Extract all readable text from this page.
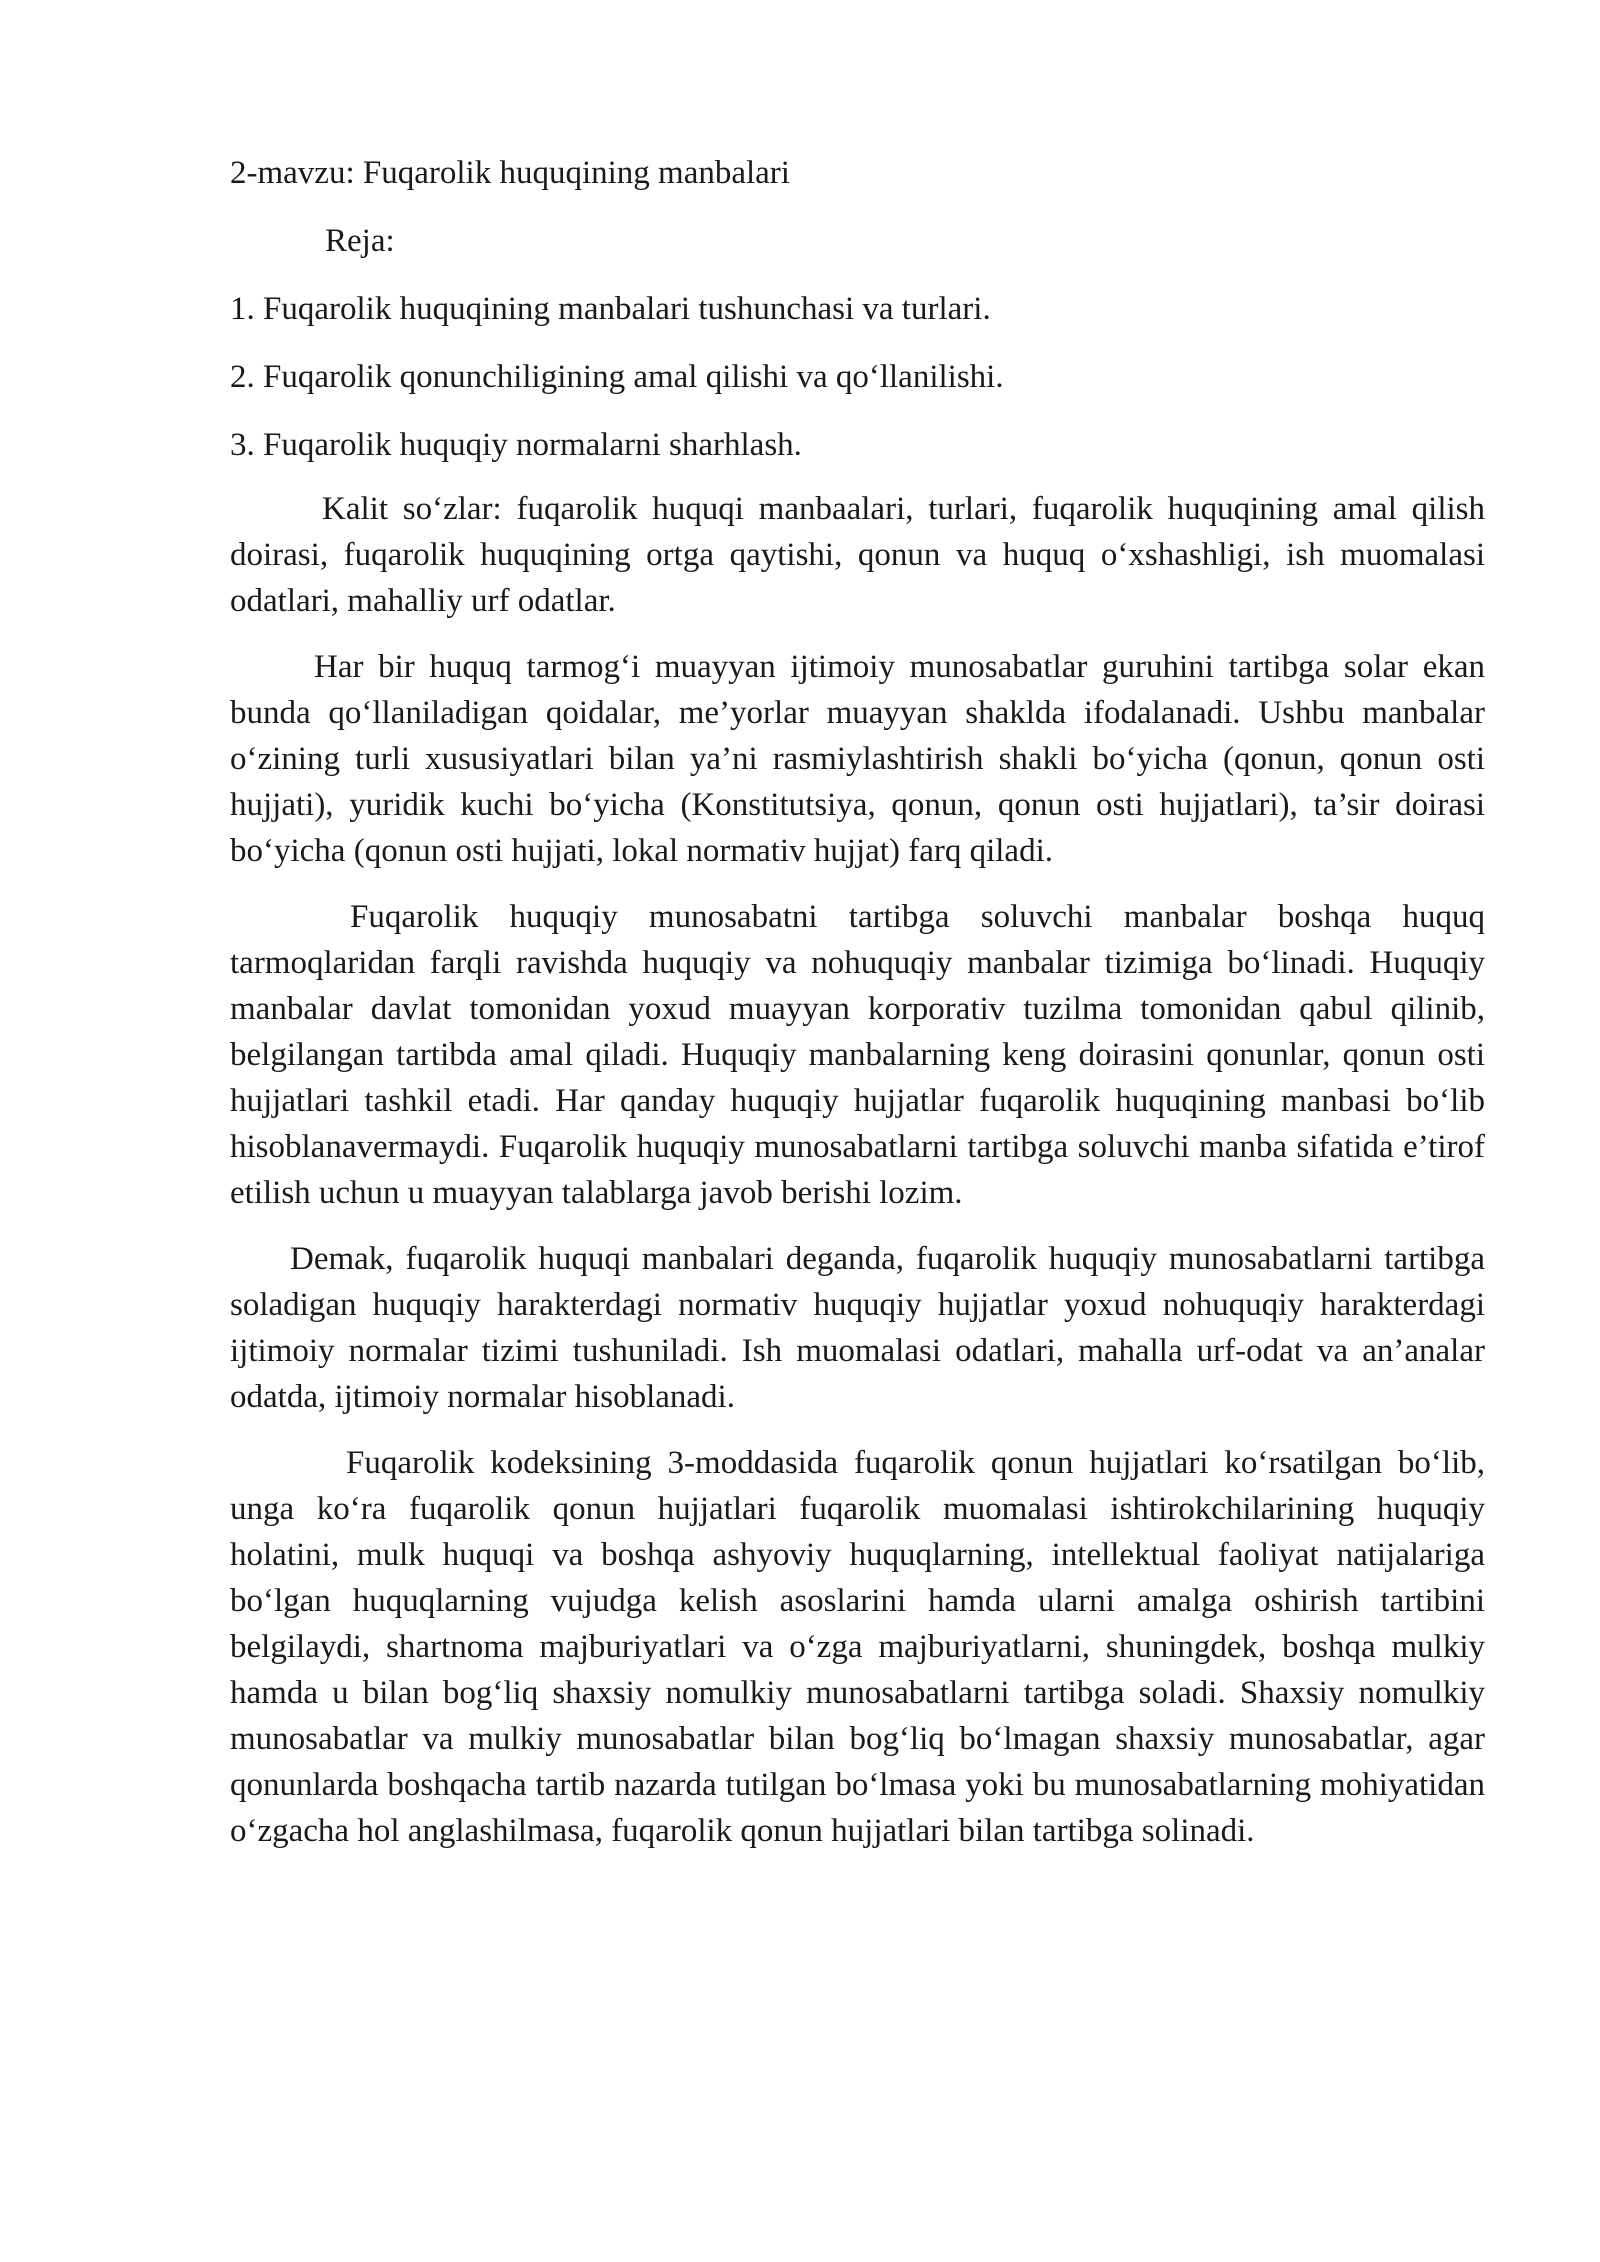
2-mavzu: Fuqarolik huquqining manbalari

Reja:

1. Fuqarolik huquqining manbalari tushunchasi va turlari.

2. Fuqarolik qonunchiligining amal qilishi va qo‘llanilishi.

3. Fuqarolik huquqiy normalarni sharhlash.

Kalit so‘zlar: fuqarolik huquqi manbaalari, turlari, fuqarolik huquqining amal qilish doirasi, fuqarolik huquqining ortga qaytishi, qonun va huquq o‘xshashligi, ish muomalasi odatlari, mahalliy urf odatlar.

Har bir huquq tarmog‘i muayyan ijtimoiy munosabatlar guruhini tartibga solar ekan bunda qo‘llaniladigan qoidalar, me’yorlar muayyan shaklda ifodalanadi. Ushbu manbalar o‘zining turli xususiyatlari bilan ya’ni rasmiylashtirish shakli bo‘yicha (qonun, qonun osti hujjati), yuridik kuchi bo‘yicha (Konstitutsiya, qonun, qonun osti hujjatlari), ta’sir doirasi bo‘yicha (qonun osti hujjati, lokal normativ hujjat) farq qiladi.

Fuqarolik huquqiy munosabatni tartibga soluvchi manbalar boshqa huquq tarmoqlaridan farqli ravishda huquqiy va nohuquqiy manbalar tizimiga bo‘linadi. Huquqiy manbalar davlat tomonidan yoxud muayyan korporativ tuzilma tomonidan qabul qilinib, belgilangan tartibda amal qiladi. Huquqiy manbalarning keng doirasini qonunlar, qonun osti hujjatlari tashkil etadi. Har qanday huquqiy hujjatlar fuqarolik huquqining manbasi bo‘lib hisoblanavermaydi. Fuqarolik huquqiy munosabatlarni tartibga soluvchi manba sifatida e’tirof etilish uchun u muayyan talablarga javob berishi lozim.

Demak, fuqarolik huquqi manbalari deganda, fuqarolik huquqiy munosabatlarni tartibga soladigan huquqiy harakterdagi normativ huquqiy hujjatlar yoxud nohuquqiy harakterdagi ijtimoiy normalar tizimi tushuniladi. Ish muomalasi odatlari, mahalla urf-odat va an’analar odatda, ijtimoiy normalar hisoblanadi.

Fuqarolik kodeksining 3-moddasida fuqarolik qonun hujjatlari ko‘rsatilgan bo‘lib, unga ko‘ra fuqarolik qonun hujjatlari fuqarolik muomalasi ishtirokchilarining huquqiy holatini, mulk huquqi va boshqa ashyoviy huquqlarning, intellektual faoliyat natijalariga bo‘lgan huquqlarning vujudga kelish asoslarini hamda ularni amalga oshirish tartibini belgilaydi, shartnoma majburiyatlari va o‘zga majburiyatlarni, shuningdek, boshqa mulkiy hamda u bilan bog‘liq shaxsiy nomulkiy munosabatlarni tartibga soladi. Shaxsiy nomulkiy munosabatlar va mulkiy munosabatlar bilan bog‘liq bo‘lmagan shaxsiy munosabatlar, agar qonunlarda boshqacha tartib nazarda tutilgan bo‘lmasa yoki bu munosabatlarning mohiyatidan o‘zgacha hol anglashilmasa, fuqarolik qonun hujjatlari bilan tartibga solinadi.
